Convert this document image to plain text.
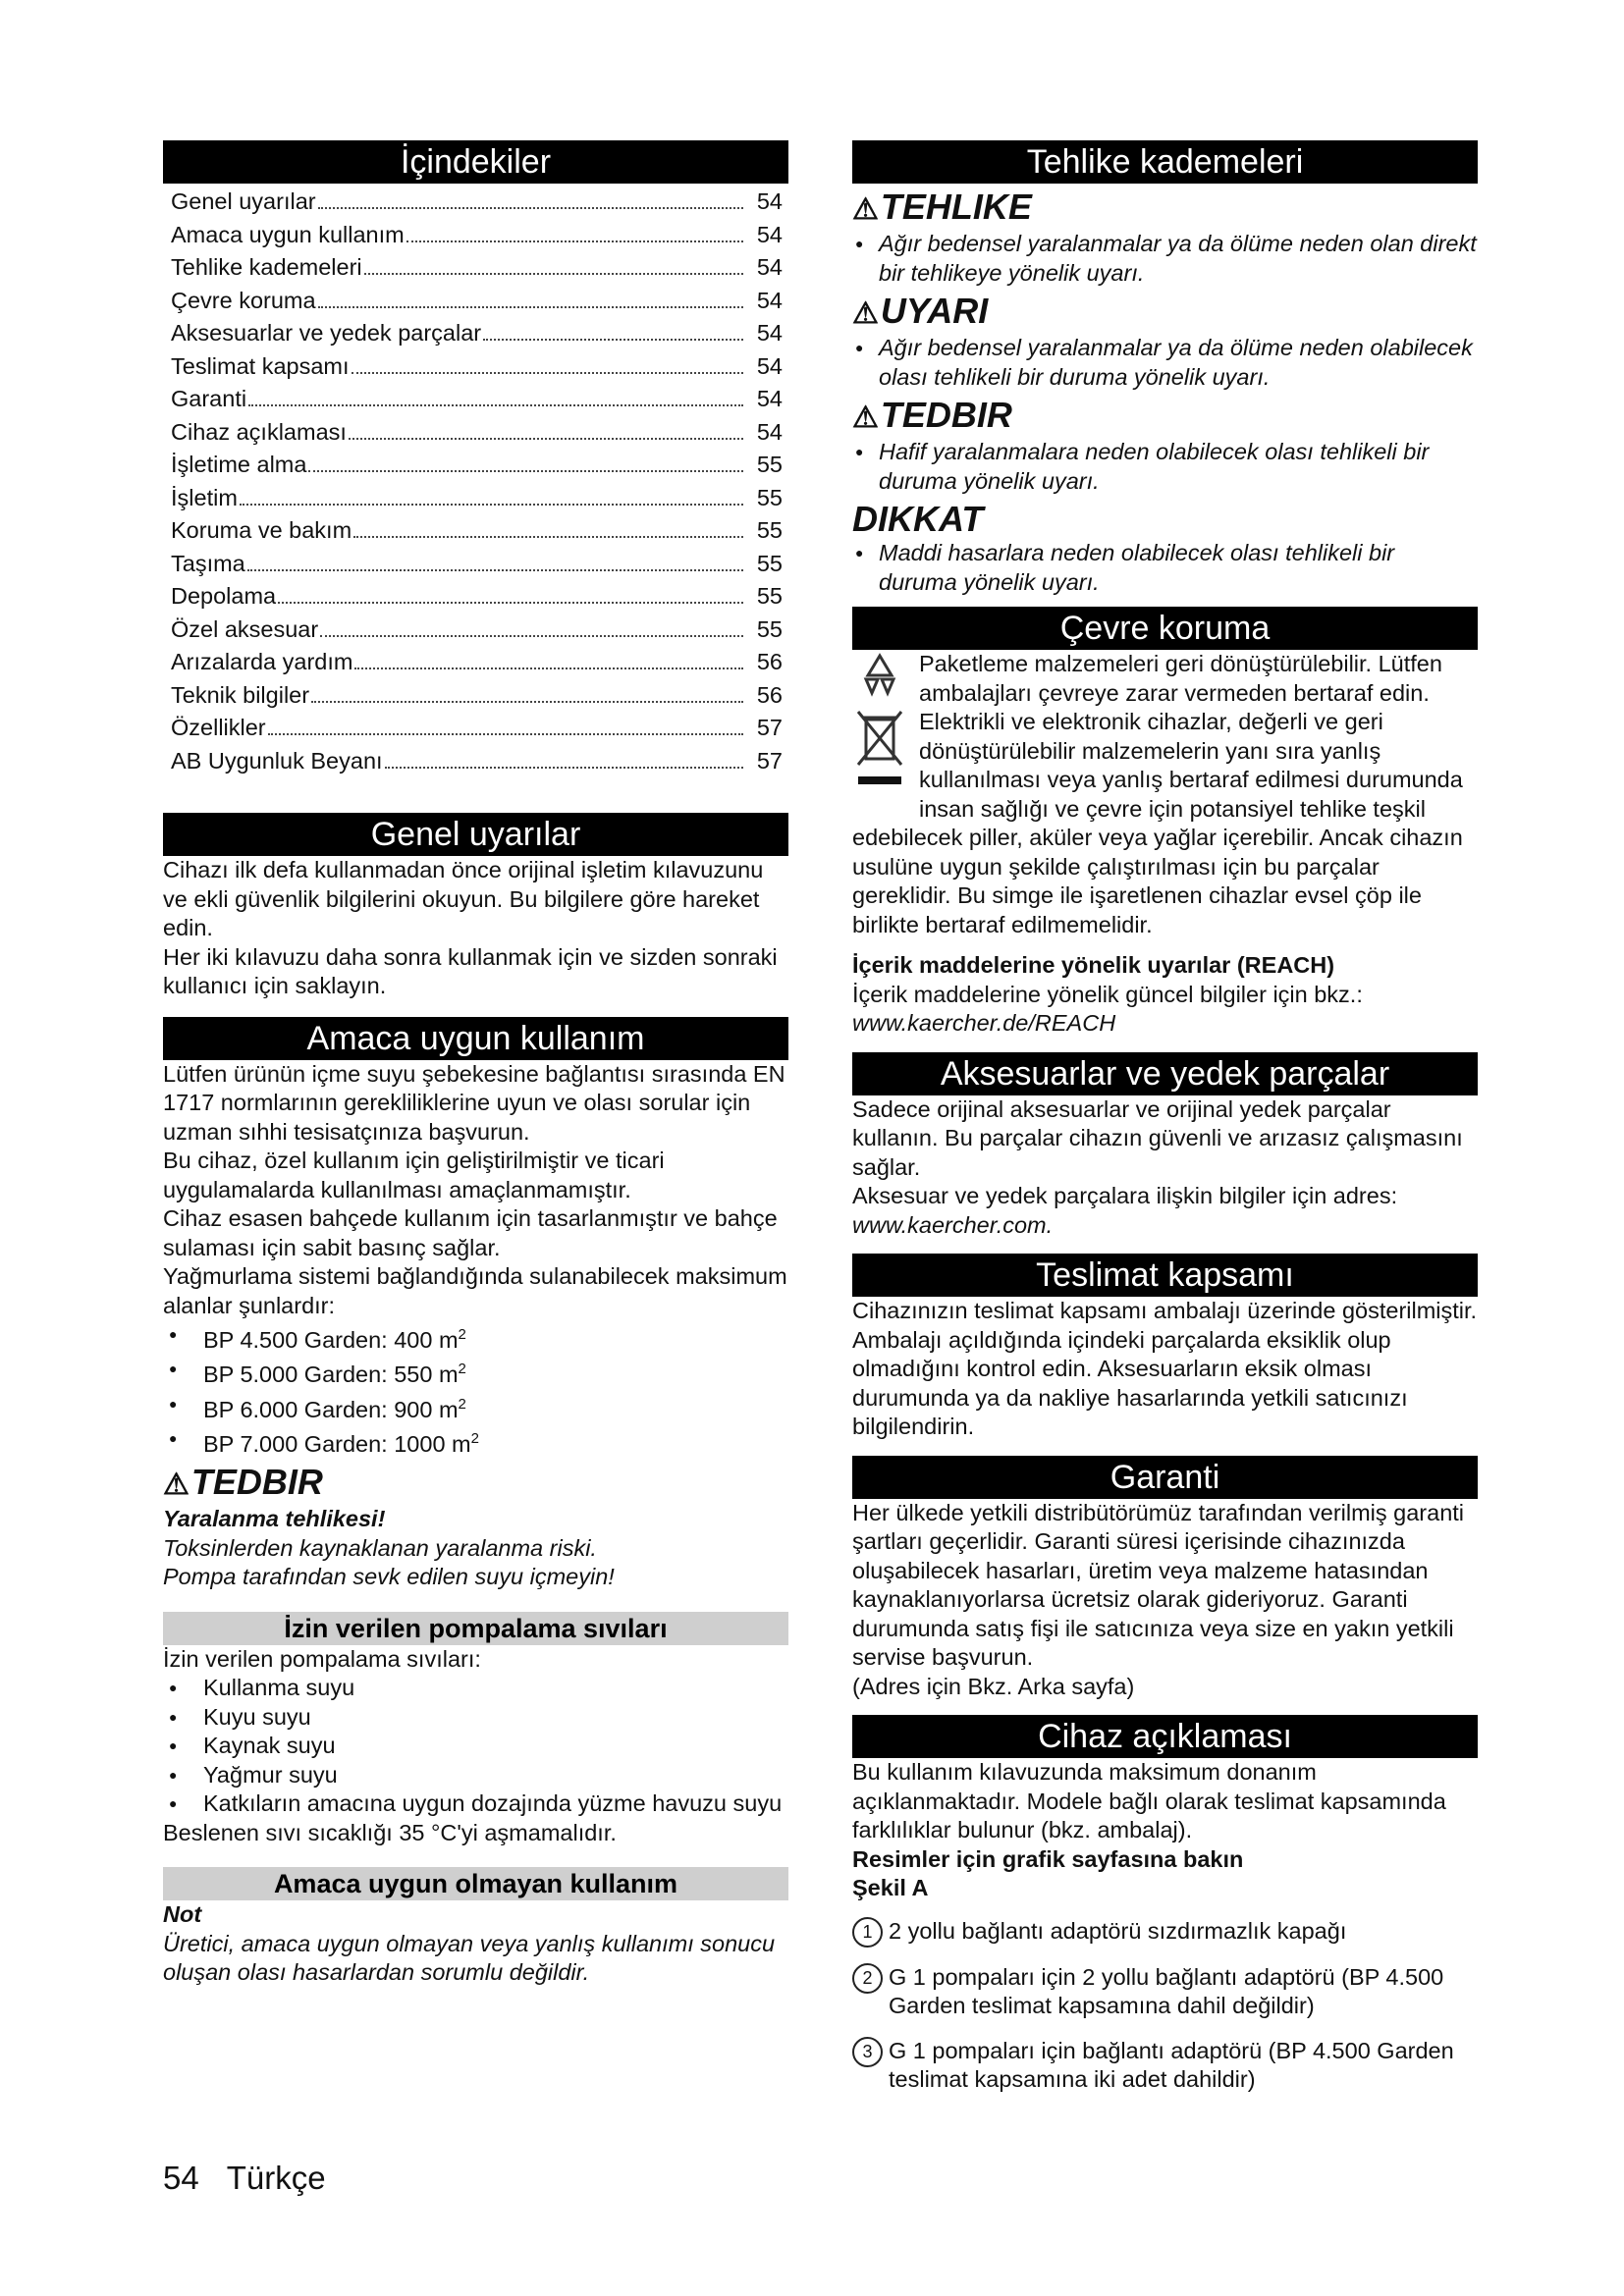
İçindekiler
Genel uyarılar	54
Amaca uygun kullanım	54
Tehlike kademeleri	54
Çevre koruma	54
Aksesuarlar ve yedek parçalar	54
Teslimat kapsamı	54
Garanti	54
Cihaz açıklaması	54
İşletime alma	55
İşletim	55
Koruma ve bakım	55
Taşıma	55
Depolama	55
Özel aksesuar	55
Arızalarda yardım	56
Teknik bilgiler	56
Özellikler	57
AB Uygunluk Beyanı	57
Genel uyarılar

Cihazı ilk defa kullanmadan önce orijinal işletim kılavuzunu ve ekli güvenlik bilgilerini okuyun. Bu bilgilere göre hareket edin.

Her iki kılavuzu daha sonra kullanmak için ve sizden sonraki kullanıcı için saklayın.

Amaca uygun kullanım

Lütfen ürünün içme suyu şebekesine bağlantısı sırasında EN 1717 normlarının gerekliliklerine uyun ve olası sorular için uzman sıhhi tesisatçınıza başvurun.

Bu cihaz, özel kullanım için geliştirilmiştir ve ticari uygulamalarda kullanılması amaçlanmamıştır.

Cihaz esasen bahçede kullanım için tasarlanmıştır ve bahçe sulaması için sabit basınç sağlar.

Yağmurlama sistemi bağlandığında sulanabilecek maksimum alanlar şunlardır:

● BP 4.500 Garden: 400 $m^2$
● BP 5.000 Garden: 550 $m^2$
● BP 6.000 Garden: 900 $m^2$
● BP 7.000 Garden: 1000 $m^2$
⚠TEDBIR

Yaralanma tehlikesi!

Toksinlerden kaynaklanan yaralanma riski.

Pompa tarafından sevk edilen suyu içmeyin!

İzin verilen pompalama sıvıları

İzin verilen pompalama sıvıları:

● Kullanma suyu
● Kuyu suyu
● Kaynak suyu
● Yağmur suyu
● Katkıların amacına uygun dozajında yüzme havuzu suyu

Beslenen sıvı sıcaklığı 35 °C'yi aşmamalıdır.

Amaca uygun olmayan kullanım

Not

Üretici, amaca uygun olmayan veya yanlış kullanımı sonucu oluşan olası hasarlardan sorumlu değildir.

Tehlike kademeleri
⚠TEHLIKE
● Ağır bedensel yaralanmalar ya da ölüme neden olan direkt bir tehlikeye yönelik uyarı.
⚠UYARI
● Ağır bedensel yaralanmalar ya da ölüme neden olabilecek olası tehlikeli bir duruma yönelik uyarı.
⚠TEDBIR
● Hafif yaralanmalara neden olabilecek olası tehlikeli bir duruma yönelik uyarı.
DIKKAT
● Maddi hasarlara neden olabilecek olası tehlikeli bir duruma yönelik uyarı.
Çevre koruma

Paketleme malzemeleri geri dönüştürülebilir. Lütfen ambalajları çevreye zarar vermeden bertaraf edin.

Elektrikli ve elektronik cihazlar, değerli ve geri dönüştürülebilir malzemelerin yanı sıra yanlış kullanılması veya yanlış bertaraf edilmesi durumunda insan sağlığı ve çevre için potansiyel tehlike teşkil edebilecek piller, aküler veya yağlar içerebilir. Ancak cihazın usulüne uygun şekilde çalıştırılması için bu parçalar gereklidir. Bu simge ile işaretlenen cihazlar evsel çöp ile birlikte bertaraf edilmemelidir.

İçerik maddelerine yönelik uyarılar (REACH)

İçerik maddelerine yönelik güncel bilgiler için bkz.:

www.kaercher.de/REACH

Aksesuarlar ve yedek parçalar

Sadece orijinal aksesuarlar ve orijinal yedek parçalar kullanın. Bu parçalar cihazın güvenli ve arızasız çalışmasını sağlar.

Aksesuar ve yedek parçalara ilişkin bilgiler için adres:

www.kaercher.com.

Teslimat kapsamı

Cihazınızın teslimat kapsamı ambalajı üzerinde gösterilmiştir. Ambalajı açıldığında içindeki parçalarda eksiklik olup olmadığını kontrol edin. Aksesuarların eksik olması durumunda ya da nakliye hasarlarında yetkili satıcınızı bilgilendirin.

Garanti

Her ülkede yetkili distribütörümüz tarafından verilmiş garanti şartları geçerlidir. Garanti süresi içerisinde cihazınızda oluşabilecek hasarları, üretim veya malzeme hatasından kaynaklanıyorlarsa ücretsiz olarak gideriyoruz. Garanti durumunda satış fişi ile satıcınıza veya size en yakın yetkili servise başvurun.

(Adres için Bkz. Arka sayfa)

Cihaz açıklaması

Bu kullanım kılavuzunda maksimum donanım açıklanmaktadır. Modele bağlı olarak teslimat kapsamında farklılıklar bulunur (bkz. ambalaj).

Resimler için grafik sayfasına bakın

Şekil A

1 2 yollu bağlantı adaptörü sızdırmazlık kapağı
2 G 1 pompaları için 2 yollu bağlantı adaptörü (BP 4.500 Garden teslimat kapsamına dahil değildir)
3 G 1 pompaları için bağlantı adaptörü (BP 4.500 Garden teslimat kapsamına iki adet dahildir)
54 Türkçe
